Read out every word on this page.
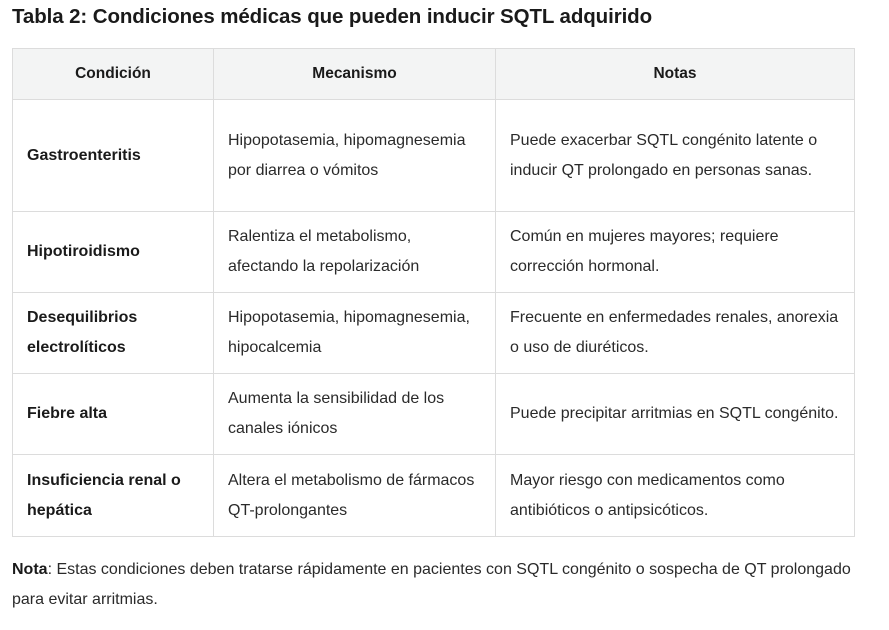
Tabla 2: Condiciones médicas que pueden inducir SQTL adquirido
Condición	Mecanismo	Notas
Gastroenteritis	Hipopotasemia, hipomagnesemia por diarrea o vómitos	Puede exacerbar SQTL congénito latente o inducir QT prolongado en personas sanas.
Hipotiroidismo	Ralentiza el metabolismo, afectando la repolarización	Común en mujeres mayores; requiere corrección hormonal.
Desequilibrios electrolíticos	Hipopotasemia, hipomagnesemia, hipocalcemia	Frecuente en enfermedades renales, anorexia o uso de diuréticos.
Fiebre alta	Aumenta la sensibilidad de los canales iónicos	Puede precipitar arritmias en SQTL congénito.
Insuficiencia renal o hepática	Altera el metabolismo de fármacos QT-prolongantes	Mayor riesgo con medicamentos como antibióticos o antipsicóticos.
Nota: Estas condiciones deben tratarse rápidamente en pacientes con SQTL congénito o sospecha de QT prolongado para evitar arritmias.
